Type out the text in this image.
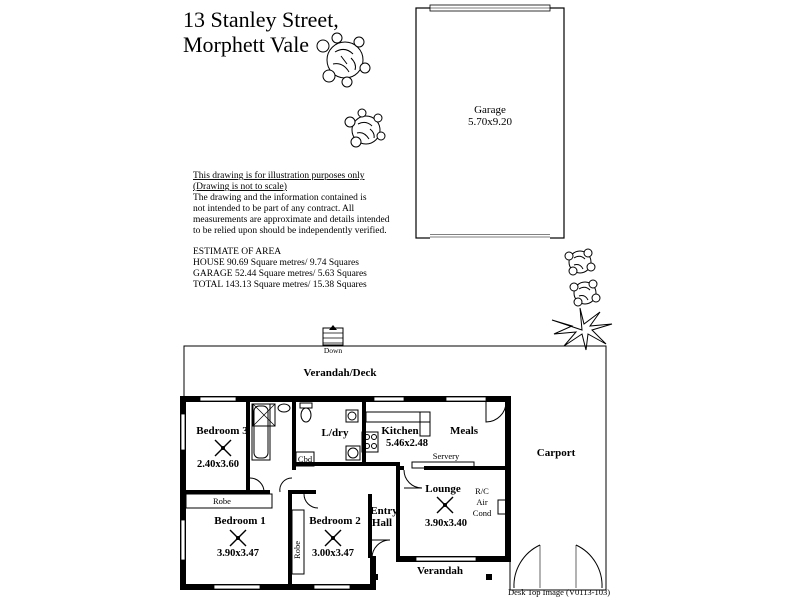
13 Stanley Street,
Morphett Vale
This drawing is for illustration purposes only
(Drawing is not to scale)
The drawing and the information contained is
not intended to be part of any contract. All
measurements are approximate and details intended
to be relied upon should be independently verified.
ESTIMATE OF AREA
HOUSE 90.69 Square metres/ 9.74 Squares
GARAGE 52.44 Square metres/ 5.63 Squares
TOTAL 143.13 Square metres/ 15.38 Squares
Garage
5.70x9.20
Down
Verandah/Deck
Carport
Bedroom 3
2.40x3.60
L/dry
Cbd
Kitchen
5.46x2.48
Meals
Servery
Robe
Bedroom 1
3.90x3.47	Robe
Bedroom 2
3.00x3.47
Entry
Hall
Lounge
3.90x3.40
R/C
Air
Cond
Verandah
Desk Top Image (V0113-103)
